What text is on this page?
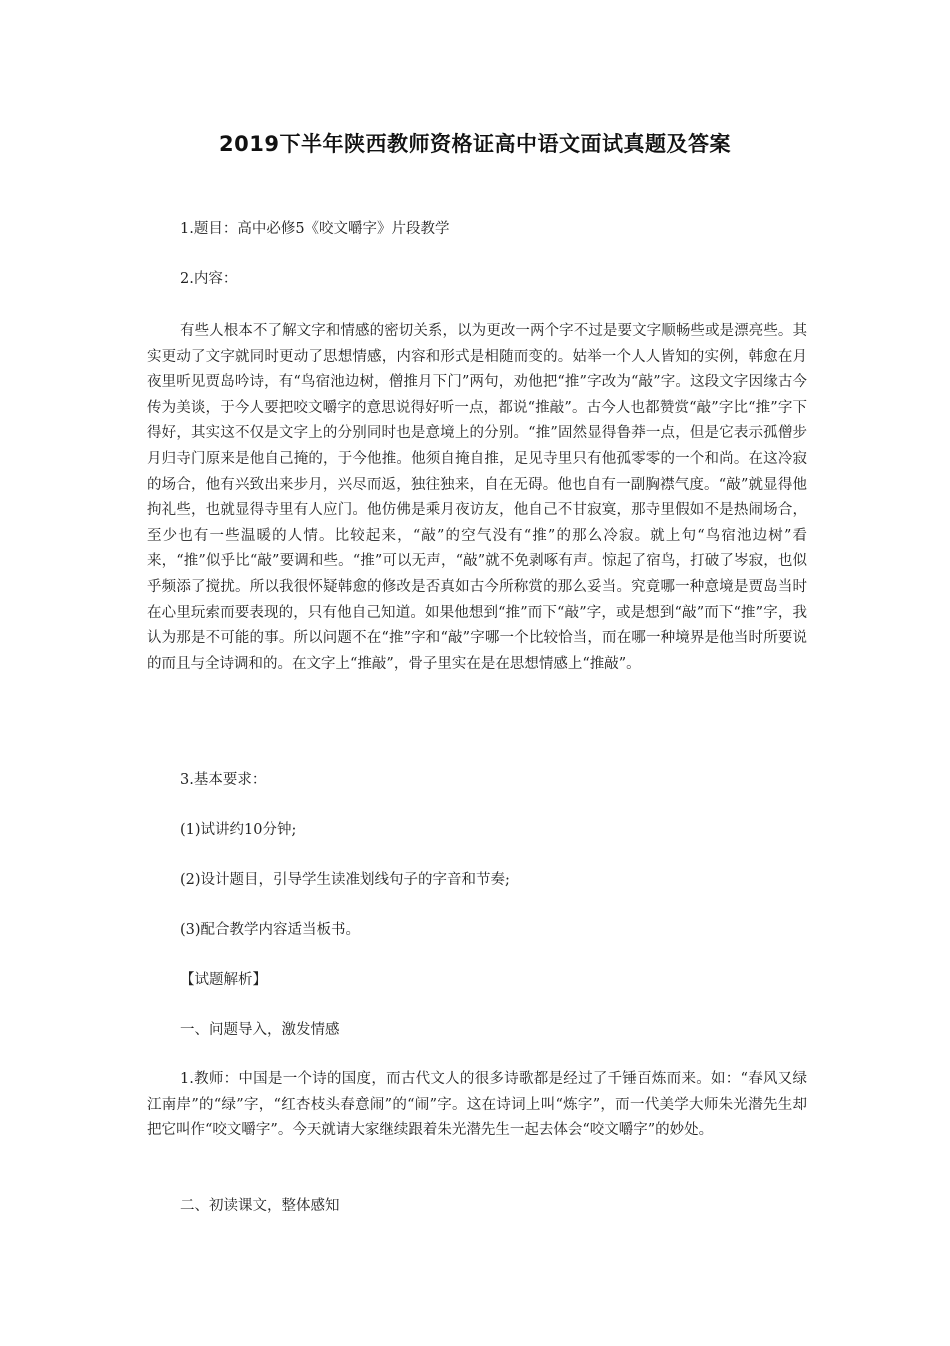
2019下半年陕西教师资格证高中语文面试真题及答案
1.题目：高中必修5《咬文嚼字》片段教学
2.内容：
有些人根本不了解文字和情感的密切关系，以为更改一两个字不过是要文字顺畅些或是漂亮些。其实更动了文字就同时更动了思想情感，内容和形式是相随而变的。姑举一个人人皆知的实例，韩愈在月夜里听见贾岛吟诗，有“鸟宿池边树，僧推月下门”两句，劝他把“推”字改为“敲”字。这段文字因缘古今传为美谈，于今人要把咬文嚼字的意思说得好听一点，都说“推敲”。古今人也都赞赏“敲”字比“推”字下得好，其实这不仅是文字上的分别同时也是意境上的分别。“推”固然显得鲁莽一点，但是它表示孤僧步月归寺门原来是他自己掩的，于今他推。他须自掩自推，足见寺里只有他孤零零的一个和尚。在这冷寂的场合，他有兴致出来步月，兴尽而返，独往独来，自在无碍。他也自有一副胸襟气度。“敲”就显得他拘礼些，也就显得寺里有人应门。他仿佛是乘月夜访友，他自己不甘寂寞，那寺里假如不是热闹场合，至少也有一些温暖的人情。比较起来，“敲”的空气没有“推”的那么冷寂。就上句“鸟宿池边树”看来，“推”似乎比“敲”要调和些。“推”可以无声，“敲”就不免剥啄有声。惊起了宿鸟，打破了岑寂，也似乎频添了搅扰。所以我很怀疑韩愈的修改是否真如古今所称赏的那么妥当。究竟哪一种意境是贾岛当时在心里玩索而要表现的，只有他自己知道。如果他想到“推”而下“敲”字，或是想到“敲”而下“推”字，我认为那是不可能的事。所以问题不在“推”字和“敲”字哪一个比较恰当，而在哪一种境界是他当时所要说的而且与全诗调和的。在文字上“推敲”，骨子里实在是在思想情感上“推敲”。
3.基本要求：
(1)试讲约10分钟;
(2)设计题目，引导学生读准划线句子的字音和节奏;
(3)配合教学内容适当板书。
【试题解析】
一、问题导入，激发情感
1.教师：中国是一个诗的国度，而古代文人的很多诗歌都是经过了千锤百炼而来。如：“春风又绿江南岸”的“绿”字，“红杏枝头春意闹”的“闹”字。这在诗词上叫“炼字”，而一代美学大师朱光潜先生却把它叫作“咬文嚼字”。今天就请大家继续跟着朱光潜先生一起去体会“咬文嚼字”的妙处。
二、初读课文，整体感知
